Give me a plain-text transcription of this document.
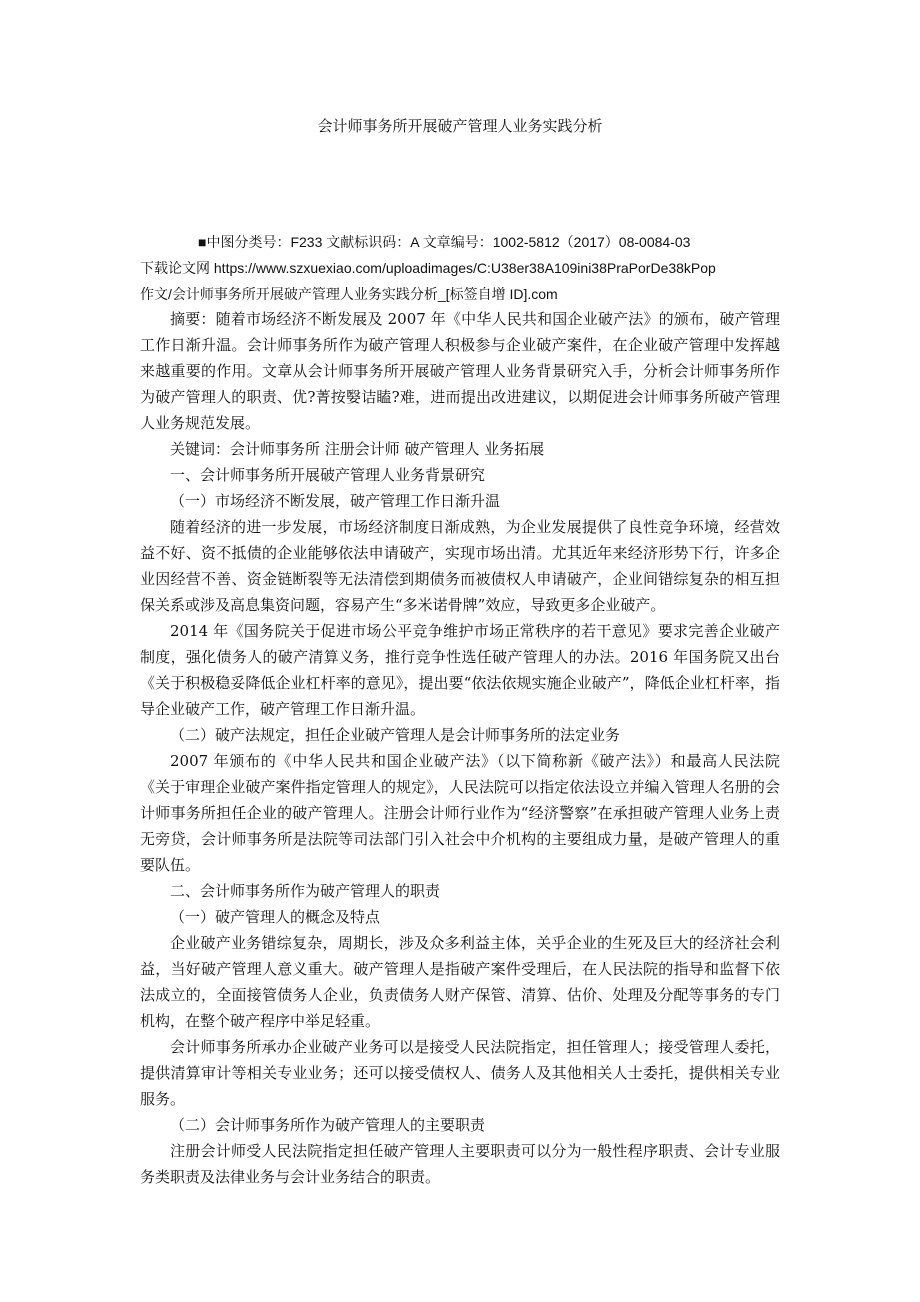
会计师事务所开展破产管理人业务实践分析
■中图分类号：F233 文献标识码：A 文章编号：1002-5812（2017）08-0084-03
下载论文网 https://www.szxuexiao.com/uploadimages/C:U38er38A109ini38PraPorDe38kPop
作文/会计师事务所开展破产管理人业务实践分析_[标签自增 ID].com

摘要：随着市场经济不断发展及 2007 年《中华人民共和国企业破产法》的颁布，破产管理工作日渐升温。会计师事务所作为破产管理人积极参与企业破产案件，在企业破产管理中发挥越来越重要的作用。文章从会计师事务所开展破产管理人业务背景研究入手，分析会计师事务所作为破产管理人的职责、优?菁按嫛诘瞌?难，进而提出改进建议，以期促进会计师事务所破产管理人业务规范发展。

关键词：会计师事务所 注册会计师 破产管理人 业务拓展

一、会计师事务所开展破产管理人业务背景研究

（一）市场经济不断发展，破产管理工作日渐升温

随着经济的进一步发展，市场经济制度日渐成熟，为企业发展提供了良性竞争环境，经营效益不好、资不抵债的企业能够依法申请破产，实现市场出清。尤其近年来经济形势下行，许多企业因经营不善、资金链断裂等无法清偿到期债务而被债权人申请破产，企业间错综复杂的相互担保关系或涉及高息集资问题，容易产生“多米诺骨牌”效应，导致更多企业破产。

2014 年《国务院关于促进市场公平竞争维护市场正常秩序的若干意见》要求完善企业破产制度，强化债务人的破产清算义务，推行竞争性选任破产管理人的办法。2016 年国务院又出台《关于积极稳妥降低企业杠杆率的意见》，提出要“依法依规实施企业破产”，降低企业杠杆率，指导企业破产工作，破产管理工作日渐升温。

（二）破产法规定，担任企业破产管理人是会计师事务所的法定业务

2007 年颁布的《中华人民共和国企业破产法》（以下简称新《破产法》）和最高人民法院《关于审理企业破产案件指定管理人的规定》，人民法院可以指定依法设立并编入管理人名册的会计师事务所担任企业的破产管理人。注册会计师行业作为“经济警察”在承担破产管理人业务上责无旁贷，会计师事务所是法院等司法部门引入社会中介机构的主要组成力量，是破产管理人的重要队伍。

二、会计师事务所作为破产管理人的职责

（一）破产管理人的概念及特点

企业破产业务错综复杂，周期长，涉及众多利益主体，关乎企业的生死及巨大的经济社会利益，当好破产管理人意义重大。破产管理人是指破产案件受理后，在人民法院的指导和监督下依法成立的，全面接管债务人企业，负责债务人财产保管、清算、估价、处理及分配等事务的专门机构，在整个破产程序中举足轻重。

会计师事务所承办企业破产业务可以是接受人民法院指定，担任管理人；接受管理人委托，提供清算审计等相关专业业务；还可以接受债权人、债务人及其他相关人士委托，提供相关专业服务。

（二）会计师事务所作为破产管理人的主要职责

注册会计师受人民法院指定担任破产管理人主要职责可以分为一般性程序职责、会计专业服务类职责及法律业务与会计业务结合的职责。
